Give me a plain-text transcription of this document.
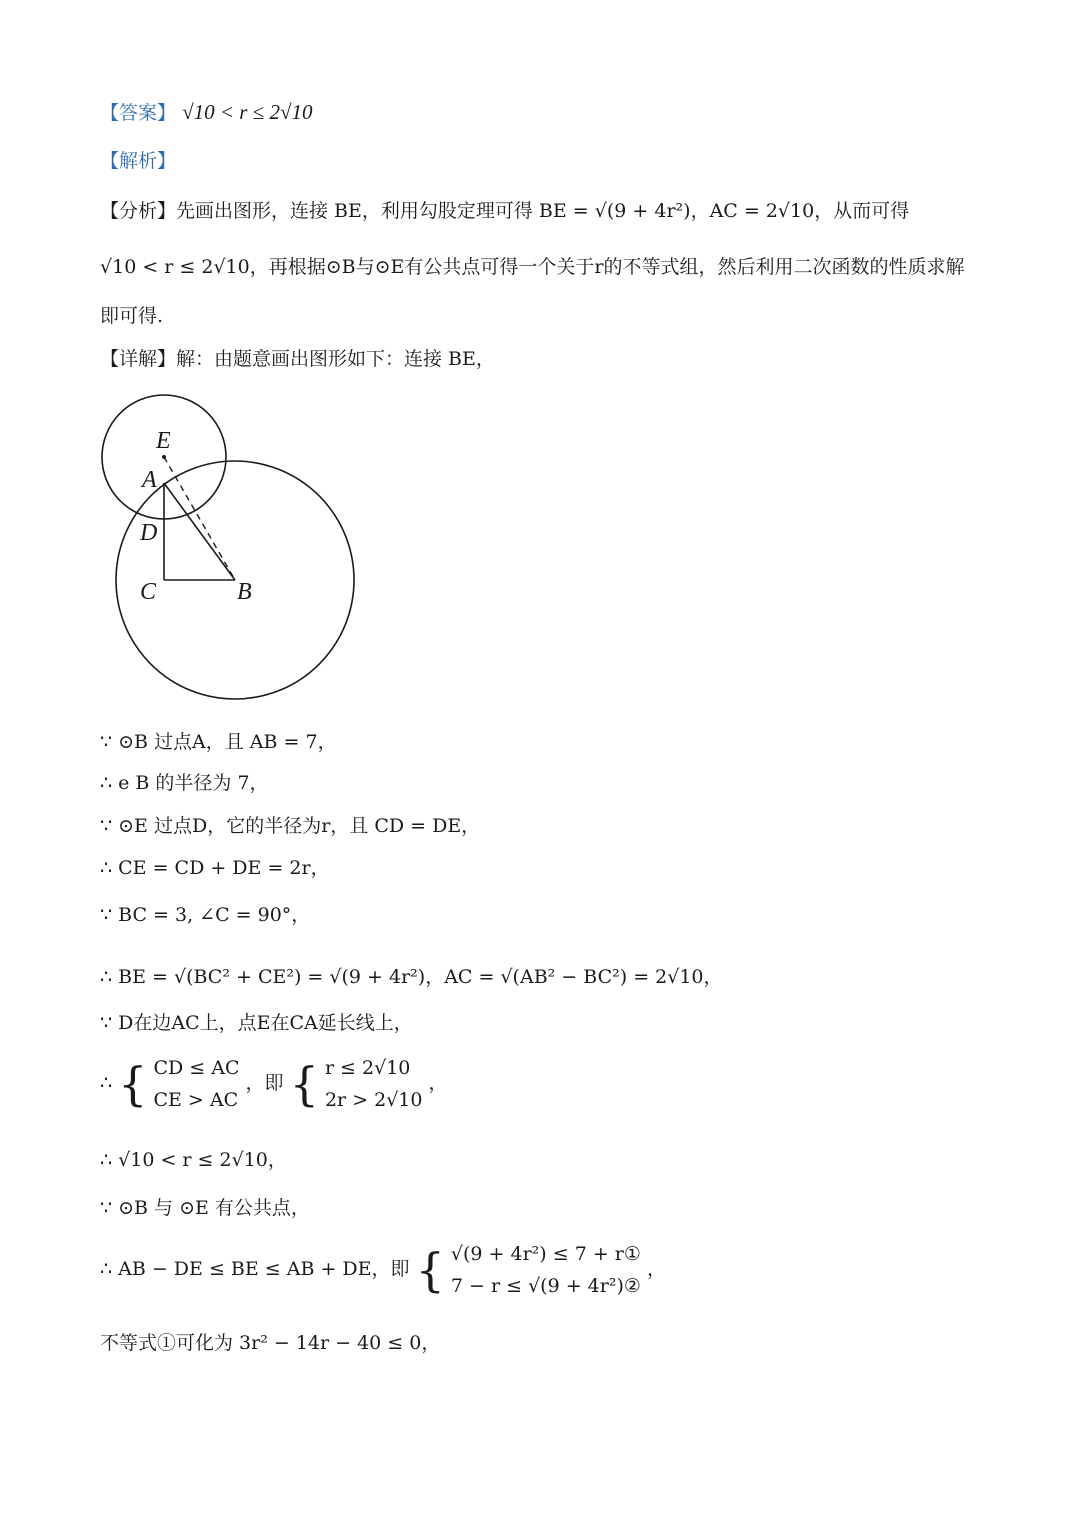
【答案】 √10 < r ≤ 2√10
【解析】
【分析】先画出图形，连接 BE，利用勾股定理可得 BE = √(9 + 4r²)，AC = 2√10，从而可得
√10 < r ≤ 2√10，再根据⊙B与⊙E有公共点可得一个关于r的不等式组，然后利用二次函数的性质求解
即可得.
【详解】解：由题意画出图形如下：连接 BE，
E
A
D
C	B
∵ ⊙B 过点A，且 AB = 7，
∴ e B 的半径为 7，
∵ ⊙E 过点D，它的半径为r，且 CD = DE，
∴ CE = CD + DE = 2r，
∵ BC = 3, ∠C = 90°，
∴ BE = √(BC² + CE²) = √(9 + 4r²)，AC = √(AB² − BC²) = 2√10，
∵ D在边AC上，点E在CA延长线上，
∴ { CD ≤ AC
CE > AC
，即 { r ≤ 2√10
2r > 2√10
，
∴ √10 < r ≤ 2√10，
∵ ⊙B 与 ⊙E 有公共点，
∴ AB − DE ≤ BE ≤ AB + DE，即 { √(9 + 4r²) ≤ 7 + r①
7 − r ≤ √(9 + 4r²)②
，
不等式①可化为 3r² − 14r − 40 ≤ 0，
